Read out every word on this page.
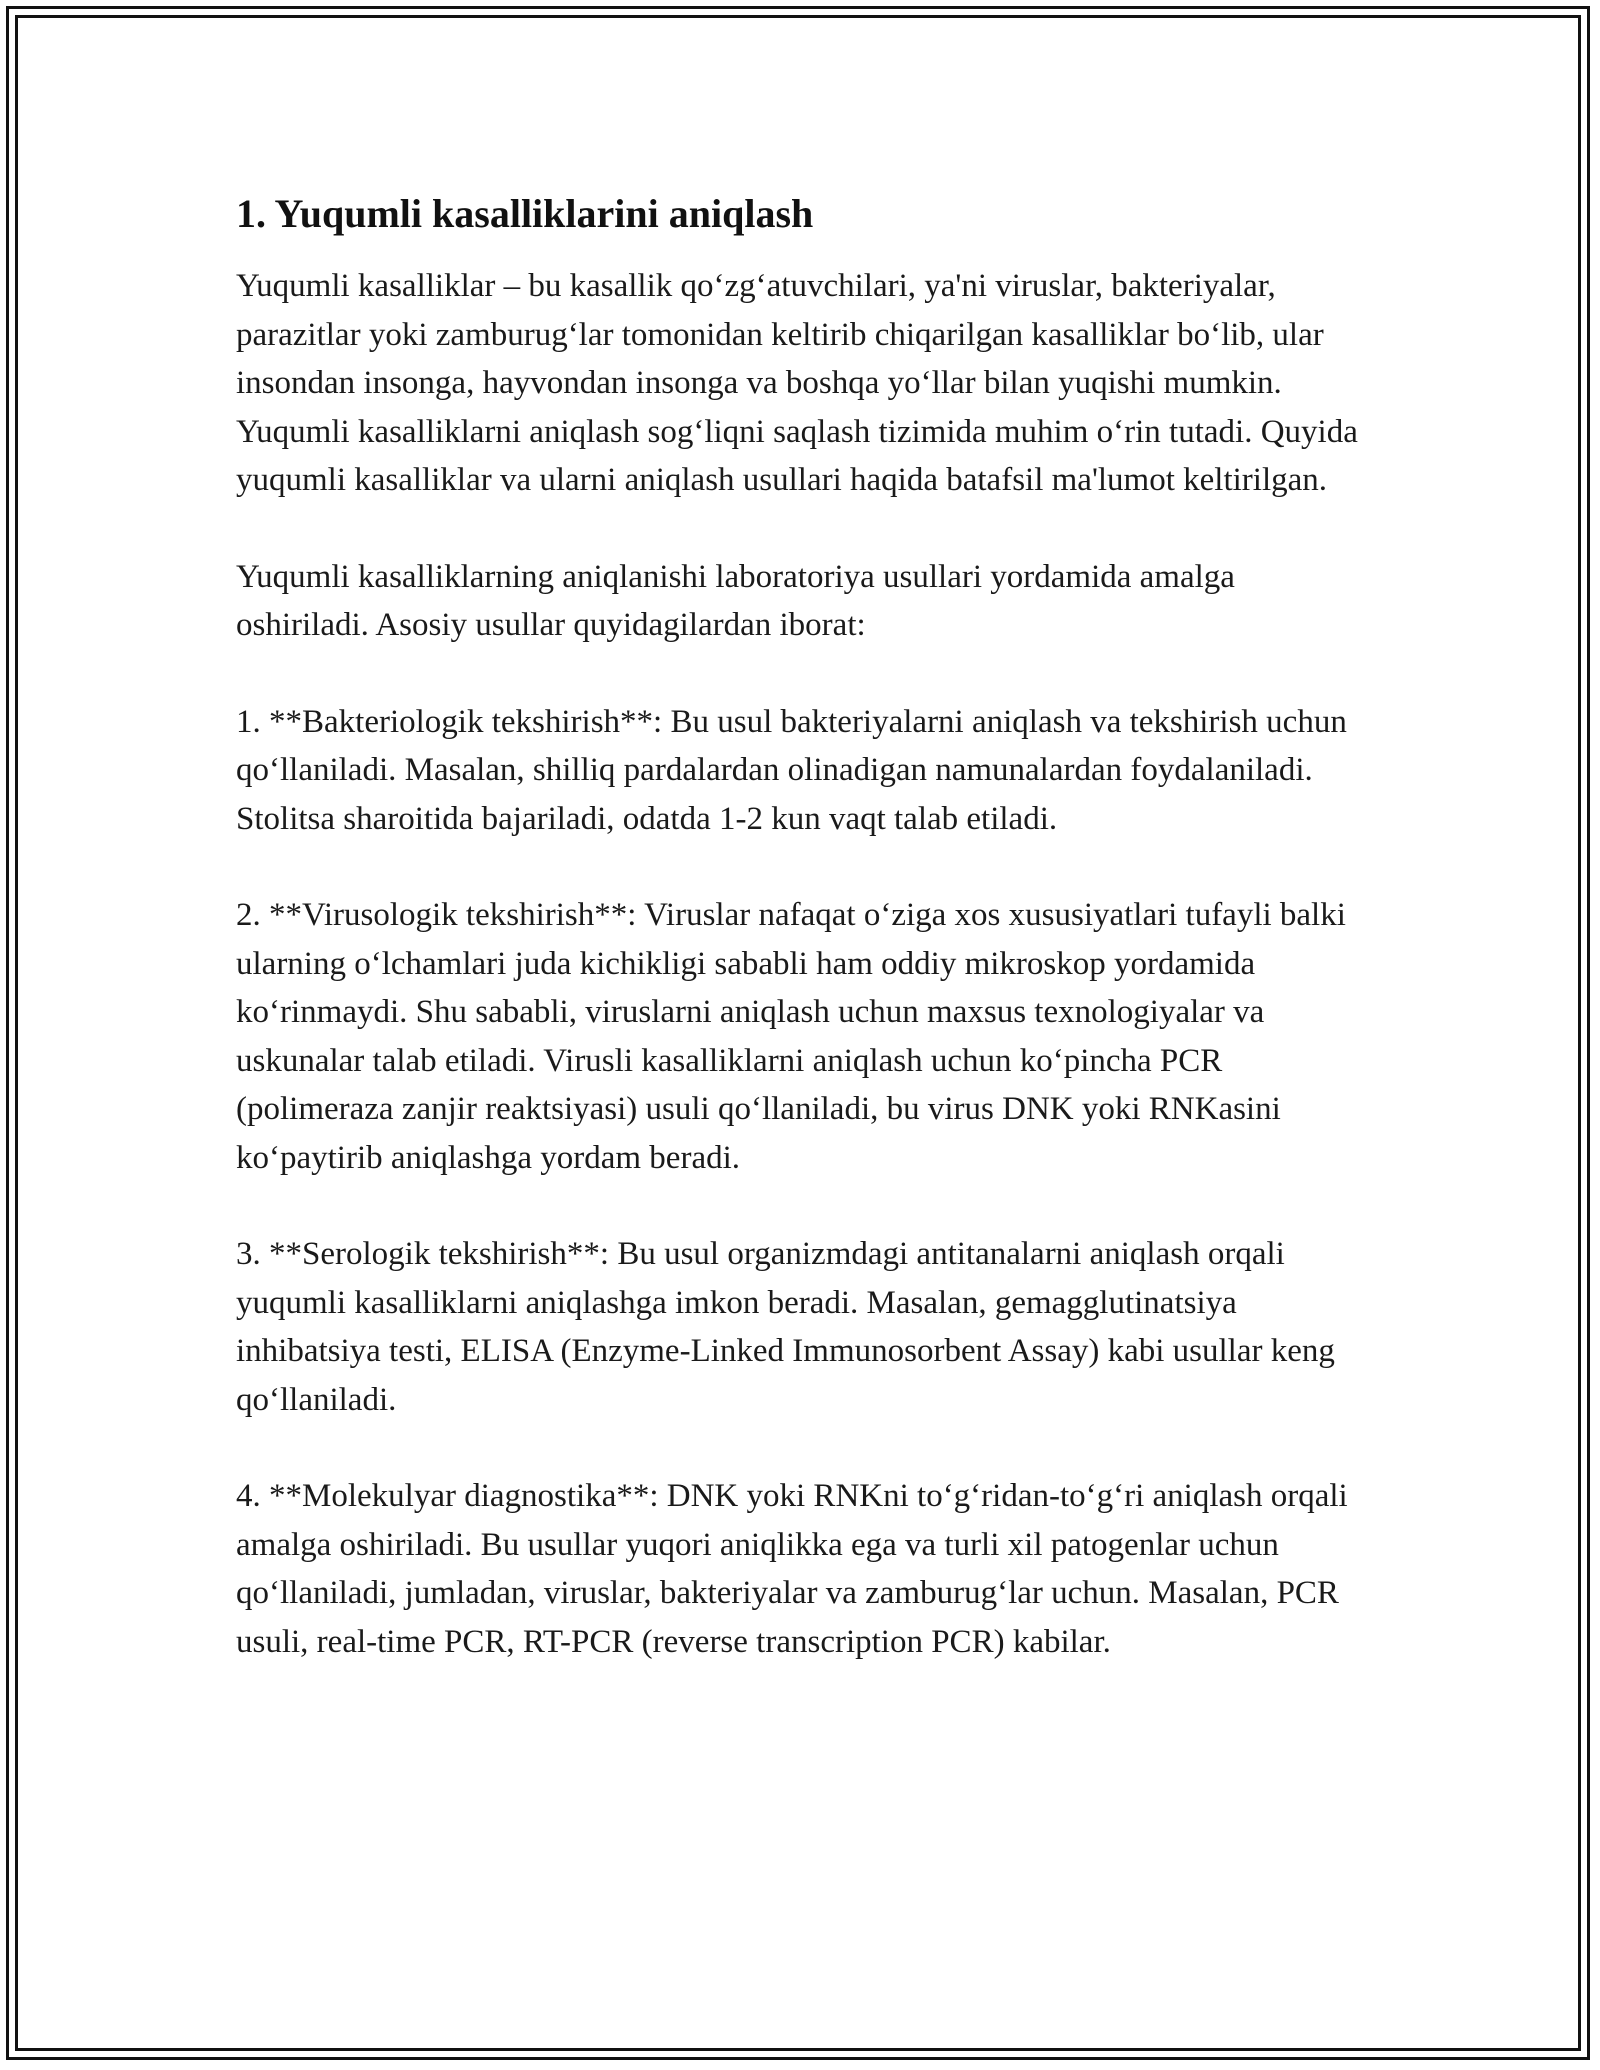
1. Yuqumli kasalliklarini aniqlash

Yuqumli kasalliklar – bu kasallik qo‘zg‘atuvchilari, ya'ni viruslar, bakteriyalar, parazitlar yoki zamburug‘lar tomonidan keltirib chiqarilgan kasalliklar bo‘lib, ular insondan insonga, hayvondan insonga va boshqa yo‘llar bilan yuqishi mumkin. Yuqumli kasalliklarni aniqlash sog‘liqni saqlash tizimida muhim o‘rin tutadi. Quyida yuqumli kasalliklar va ularni aniqlash usullari haqida batafsil ma'lumot keltirilgan.

Yuqumli kasalliklarning aniqlanishi laboratoriya usullari yordamida amalga oshiriladi. Asosiy usullar quyidagilardan iborat:

1. **Bakteriologik tekshirish**: Bu usul bakteriyalarni aniqlash va tekshirish uchun qo‘llaniladi. Masalan, shilliq pardalardan olinadigan namunalardan foydalaniladi. Stolitsa sharoitida bajariladi, odatda 1-2 kun vaqt talab etiladi.

2. **Virusologik tekshirish**: Viruslar nafaqat o‘ziga xos xususiyatlari tufayli balki ularning o‘lchamlari juda kichikligi sababli ham oddiy mikroskop yordamida ko‘rinmaydi. Shu sababli, viruslarni aniqlash uchun maxsus texnologiyalar va uskunalar talab etiladi. Virusli kasalliklarni aniqlash uchun ko‘pincha PCR (polimeraza zanjir reaktsiyasi) usuli qo‘llaniladi, bu virus DNK yoki RNKasini ko‘paytirib aniqlashga yordam beradi.

3. **Serologik tekshirish**: Bu usul organizmdagi antitanalarni aniqlash orqali yuqumli kasalliklarni aniqlashga imkon beradi. Masalan, gemagglutinatsiya inhibatsiya testi, ELISA (Enzyme-Linked Immunosorbent Assay) kabi usullar keng qo‘llaniladi.

4. **Molekulyar diagnostika**: DNK yoki RNKni to‘g‘ridan-to‘g‘ri aniqlash orqali amalga oshiriladi. Bu usullar yuqori aniqlikka ega va turli xil patogenlar uchun qo‘llaniladi, jumladan, viruslar, bakteriyalar va zamburug‘lar uchun. Masalan, PCR usuli, real-time PCR, RT-PCR (reverse transcription PCR) kabilar.
